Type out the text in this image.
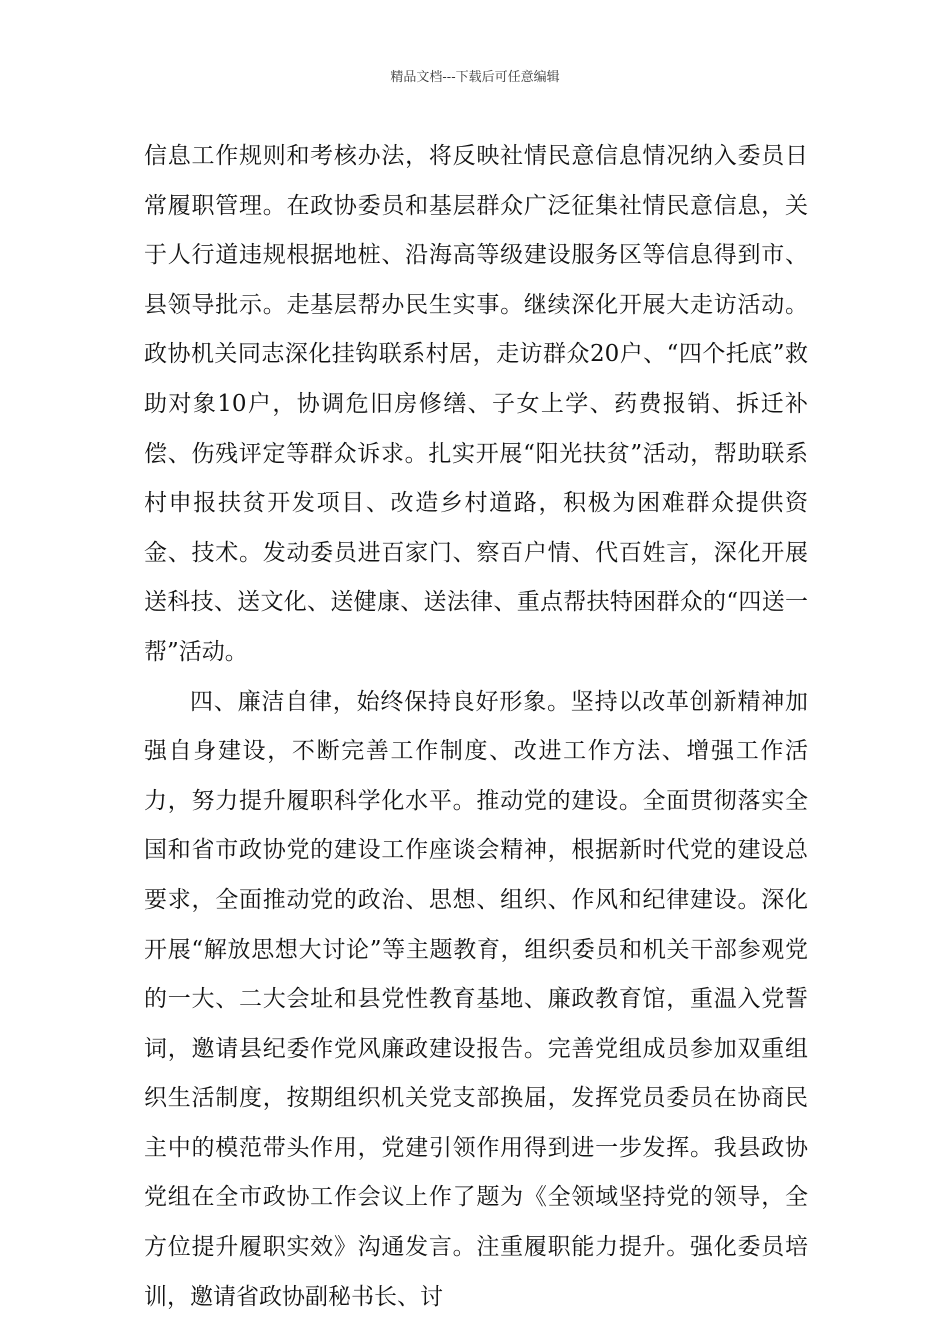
精品文档---下载后可任意编辑

信息工作规则和考核办法，将反映社情民意信息情况纳入委员日常履职管理。在政协委员和基层群众广泛征集社情民意信息，关于人行道违规根据地桩、沿海高等级建设服务区等信息得到市、县领导批示。走基层帮办民生实事。继续深化开展大走访活动。政协机关同志深化挂钩联系村居，走访群众20户、“四个托底”救助对象10户，协调危旧房修缮、子女上学、药费报销、拆迁补偿、伤残评定等群众诉求。扎实开展“阳光扶贫”活动，帮助联系村申报扶贫开发项目、改造乡村道路，积极为困难群众提供资金、技术。发动委员进百家门、察百户情、代百姓言，深化开展送科技、送文化、送健康、送法律、重点帮扶特困群众的“四送一帮”活动。

四、廉洁自律，始终保持良好形象。坚持以改革创新精神加强自身建设，不断完善工作制度、改进工作方法、增强工作活力，努力提升履职科学化水平。推动党的建设。全面贯彻落实全国和省市政协党的建设工作座谈会精神，根据新时代党的建设总要求，全面推动党的政治、思想、组织、作风和纪律建设。深化开展“解放思想大讨论”等主题教育，组织委员和机关干部参观党的一大、二大会址和县党性教育基地、廉政教育馆，重温入党誓词，邀请县纪委作党风廉政建设报告。完善党组成员参加双重组织生活制度，按期组织机关党支部换届，发挥党员委员在协商民主中的模范带头作用，党建引领作用得到进一步发挥。我县政协党组在全市政协工作会议上作了题为《全领域坚持党的领导，全方位提升履职实效》沟通发言。注重履职能力提升。强化委员培训，邀请省政协副秘书长、讨
